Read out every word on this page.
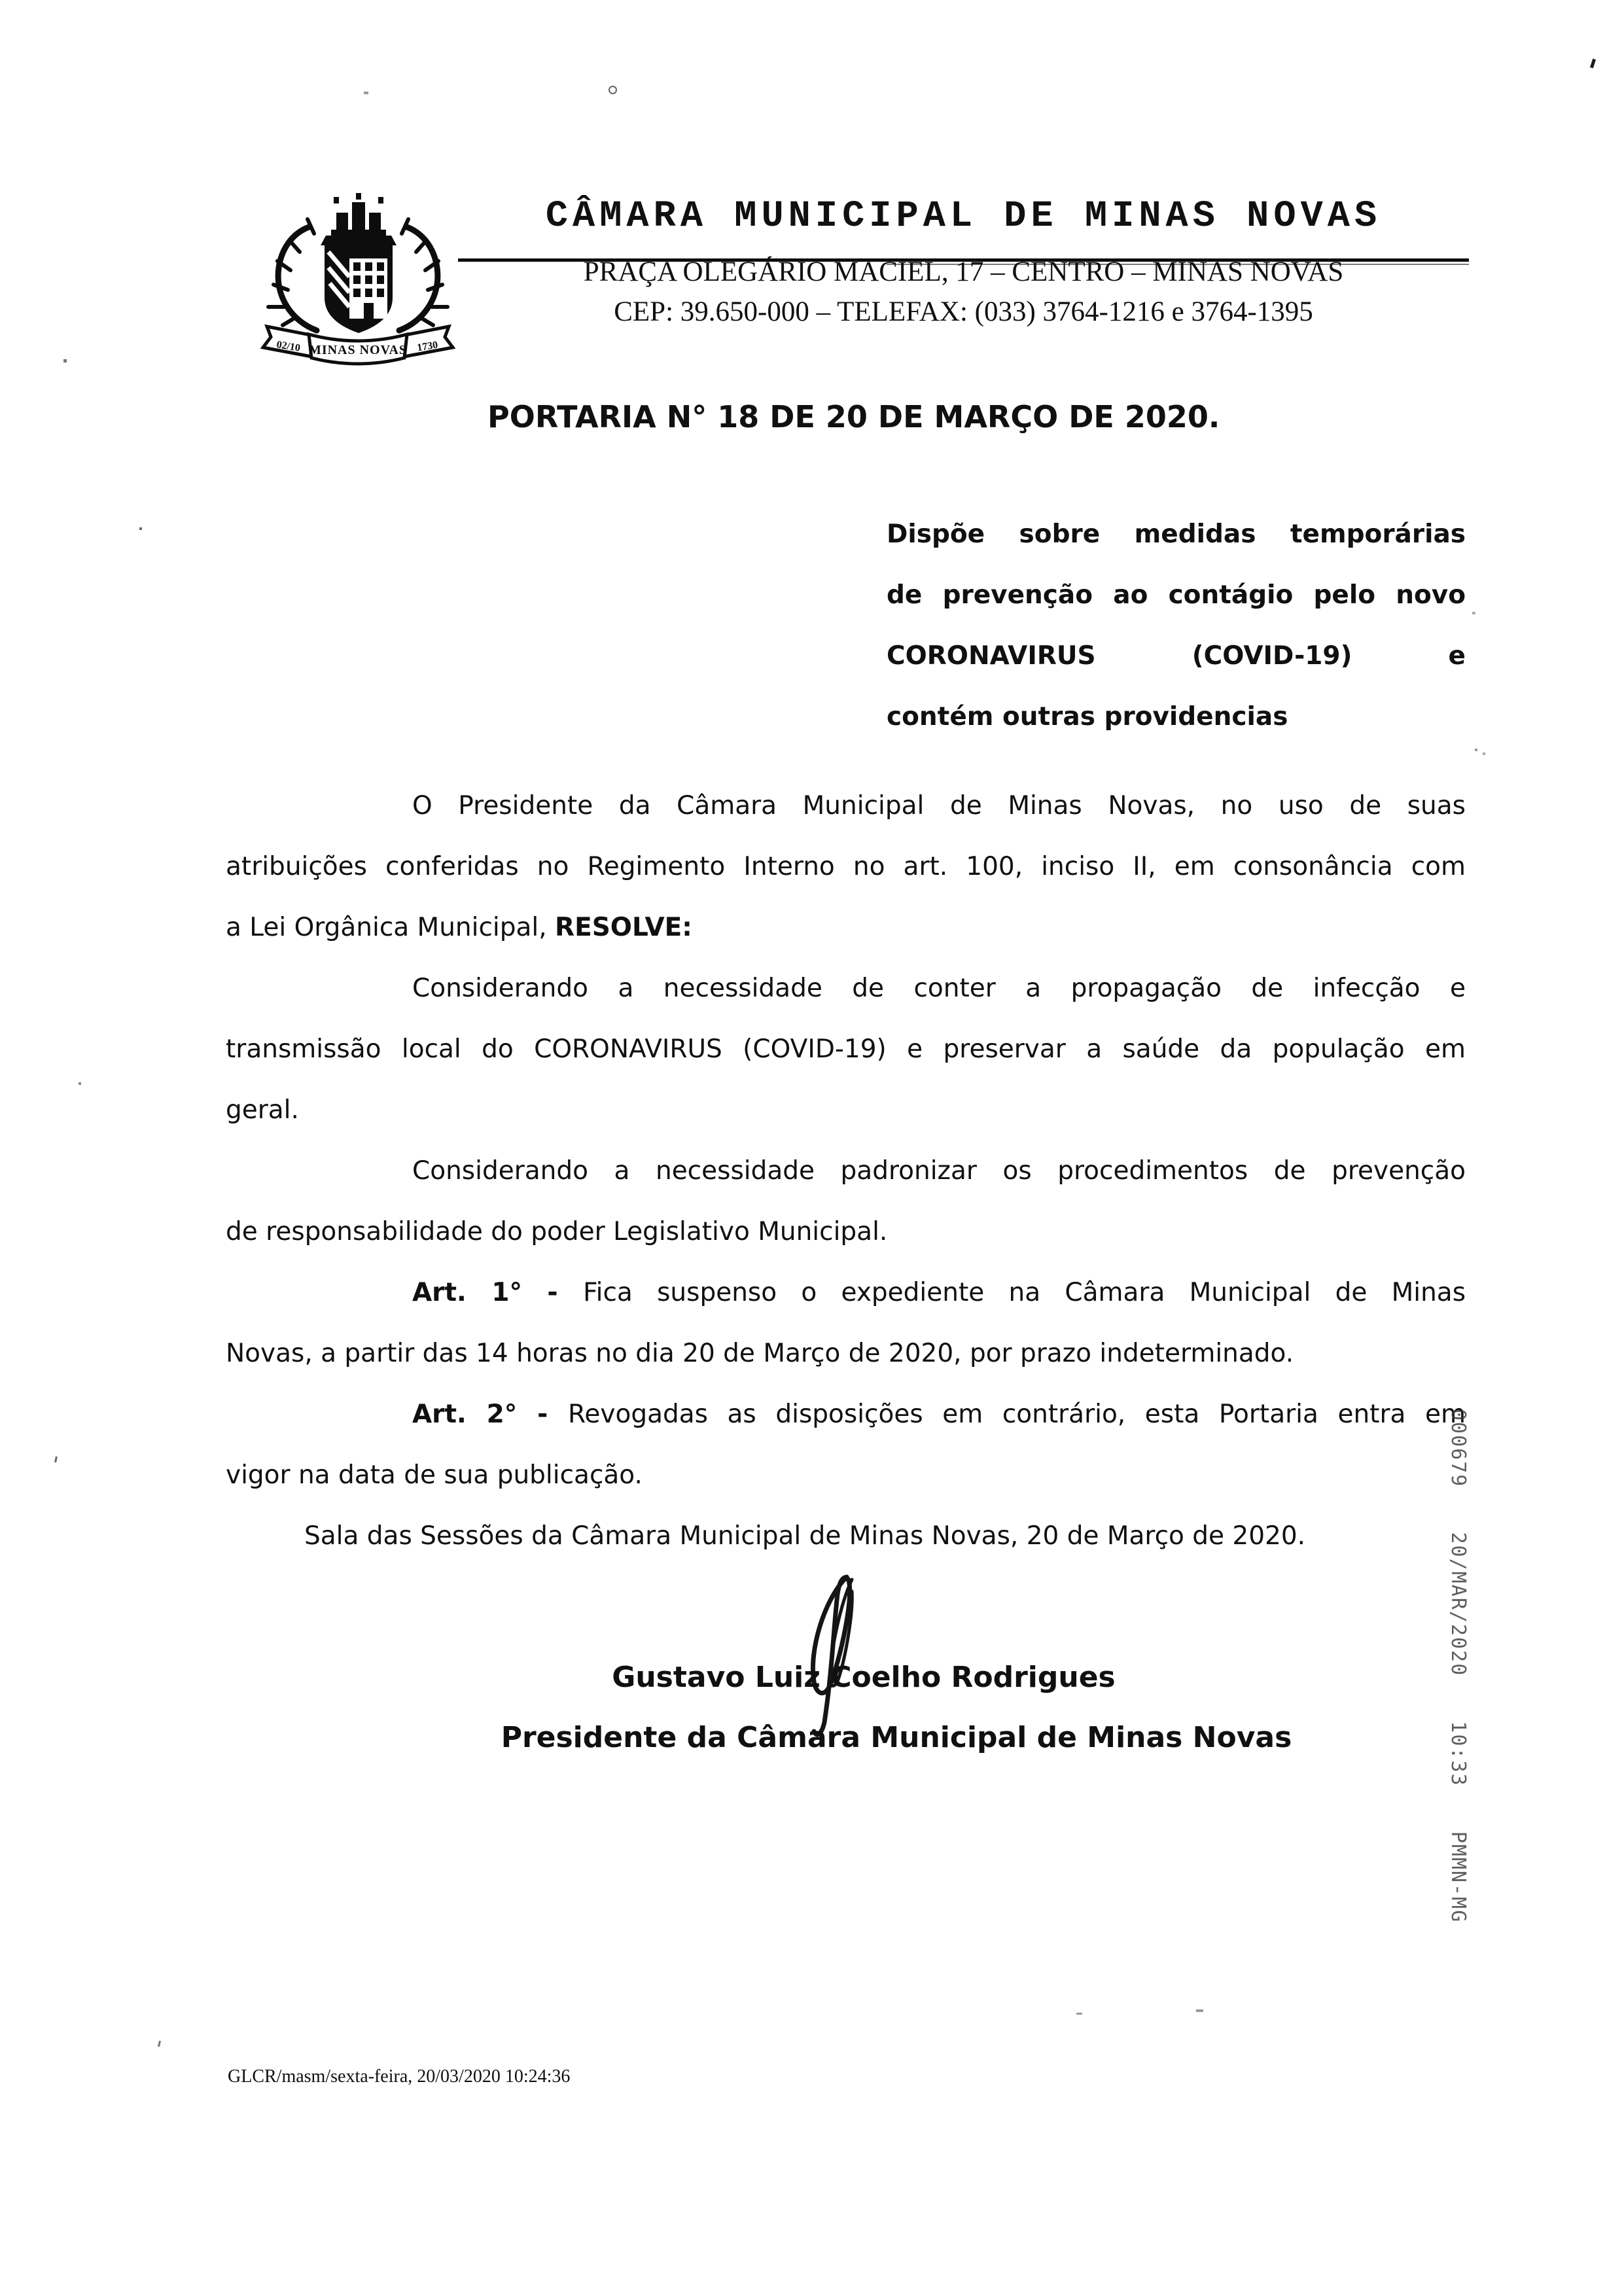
02/10 MINAS NOVAS 1730
CÂMARA MUNICIPAL DE MINAS NOVAS
PRAÇA OLEGÁRIO MACIEL, 17 – CENTRO – MINAS NOVAS
CEP: 39.650-000 – TELEFAX: (033) 3764-1216 e 3764-1395
PORTARIA N° 18 DE 20 DE MARÇO DE 2020.
Dispõe sobre medidas temporárias
de prevenção ao contágio pelo novo
CORONAVIRUS (COVID-19) e
contém outras providencias
O Presidente da Câmara Municipal de Minas Novas, no uso de suas
atribuições conferidas no Regimento Interno no art. 100, inciso II, em consonância com
a Lei Orgânica Municipal, RESOLVE:
Considerando a necessidade de conter a propagação de infecção e
transmissão local do CORONAVIRUS (COVID-19) e preservar a saúde da população em
geral.
Considerando a necessidade padronizar os procedimentos de prevenção
de responsabilidade do poder Legislativo Municipal.
Art. 1° - Fica suspenso o expediente na Câmara Municipal de Minas
Novas, a partir das 14 horas no dia 20 de Março de 2020, por prazo indeterminado.
Art. 2° - Revogadas as disposições em contrário, esta Portaria entra em
vigor na data de sua publicação.
Sala das Sessões da Câmara Municipal de Minas Novas, 20 de Março de 2020.
Gustavo Luiz Coelho Rodrigues
Presidente da Câmara Municipal de Minas Novas	000679  20/MAR/2020  10:33  PMMN-MG
GLCR/masm/sexta-feira, 20/03/2020 10:24:36
